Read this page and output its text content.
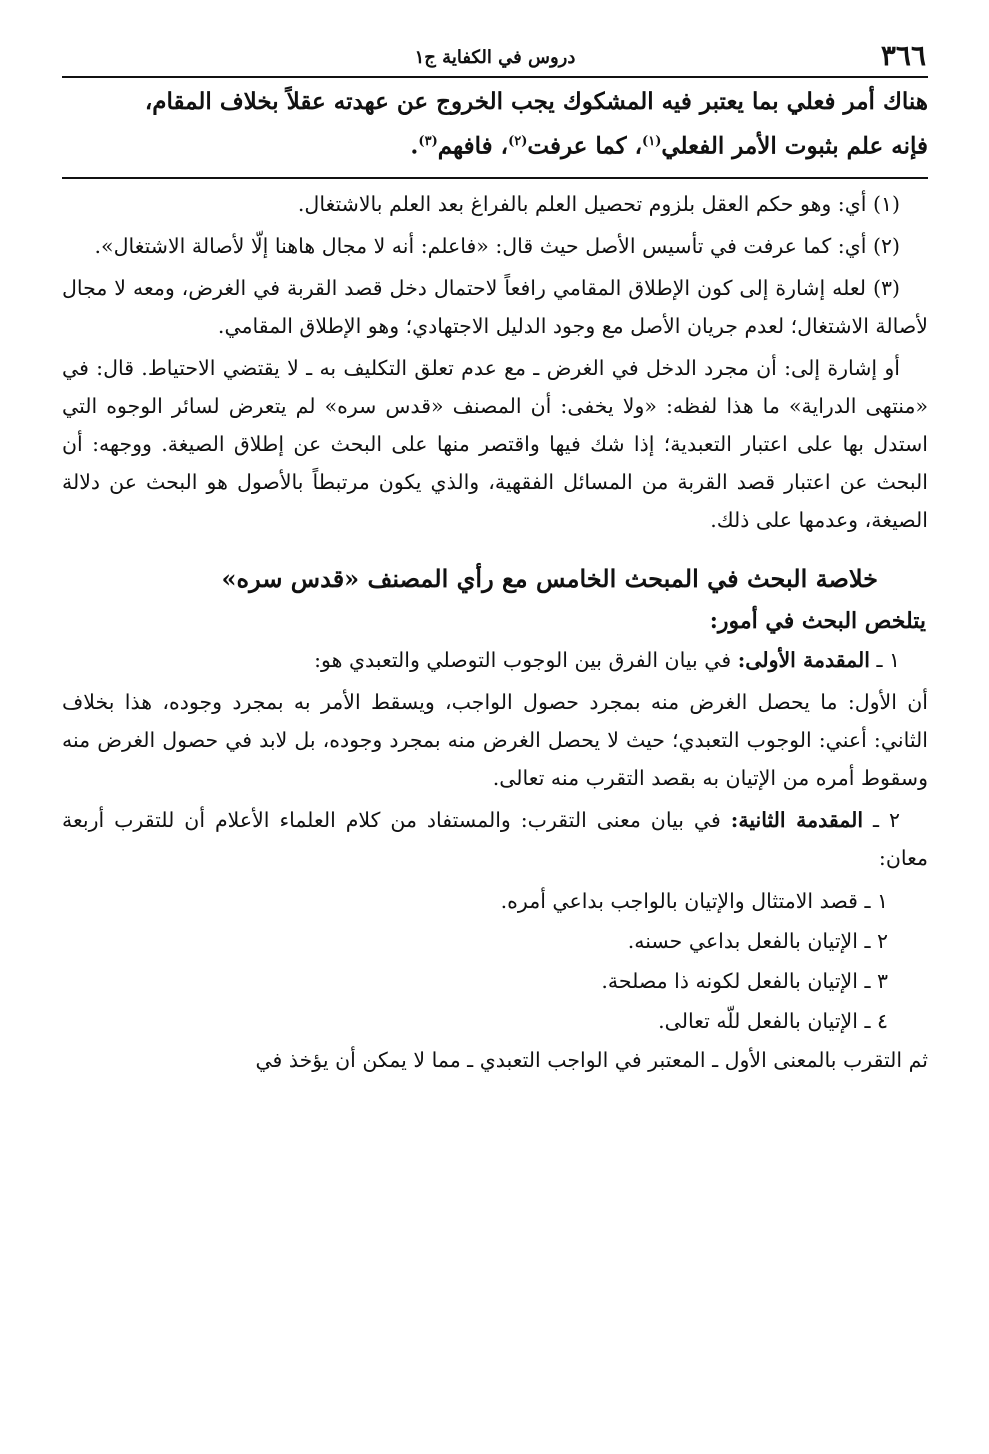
٣٦٦
دروس في الكفاية ج١
هناك أمر فعلي بما يعتبر فيه المشكوك يجب الخروج عن عهدته عقلاً بخلاف المقام،
فإنه علم بثبوت الأمر الفعلي$^{(١)}$، كما عرفت$^{(٢)}$، فافهم$^{(٣)}$.

(١) أي: وهو حكم العقل بلزوم تحصيل العلم بالفراغ بعد العلم بالاشتغال.

(٢) أي: كما عرفت في تأسيس الأصل حيث قال: «فاعلم: أنه لا مجال هاهنا إلّا لأصالة الاشتغال».

(٣) لعله إشارة إلى كون الإطلاق المقامي رافعاً لاحتمال دخل قصد القربة في الغرض، ومعه لا مجال لأصالة الاشتغال؛ لعدم جريان الأصل مع وجود الدليل الاجتهادي؛ وهو الإطلاق المقامي.

أو إشارة إلى: أن مجرد الدخل في الغرض ـ مع عدم تعلق التكليف به ـ لا يقتضي الاحتياط. قال: في «منتهى الدراية» ما هذا لفظه: «ولا يخفى: أن المصنف «قدس سره» لم يتعرض لسائر الوجوه التي استدل بها على اعتبار التعبدية؛ إذا شك فيها واقتصر منها على البحث عن إطلاق الصيغة. ووجهه: أن البحث عن اعتبار قصد القربة من المسائل الفقهية، والذي يكون مرتبطاً بالأصول هو البحث عن دلالة الصيغة، وعدمها على ذلك.

خلاصة البحث في المبحث الخامس مع رأي المصنف «قدس سره»
يتلخص البحث في أمور:

١ ـ المقدمة الأولى: في بيان الفرق بين الوجوب التوصلي والتعبدي هو:

أن الأول: ما يحصل الغرض منه بمجرد حصول الواجب، ويسقط الأمر به بمجرد وجوده، هذا بخلاف الثاني: أعني: الوجوب التعبدي؛ حيث لا يحصل الغرض منه بمجرد وجوده، بل لابد في حصول الغرض منه وسقوط أمره من الإتيان به بقصد التقرب منه تعالى.

٢ ـ المقدمة الثانية: في بيان معنى التقرب: والمستفاد من كلام العلماء الأعلام أن للتقرب أربعة معان:

١ ـ قصد الامتثال والإتيان بالواجب بداعي أمره.

٢ ـ الإتيان بالفعل بداعي حسنه.

٣ ـ الإتيان بالفعل لكونه ذا مصلحة.

٤ ـ الإتيان بالفعل للّه تعالى.

ثم التقرب بالمعنى الأول ـ المعتبر في الواجب التعبدي ـ مما لا يمكن أن يؤخذ في
